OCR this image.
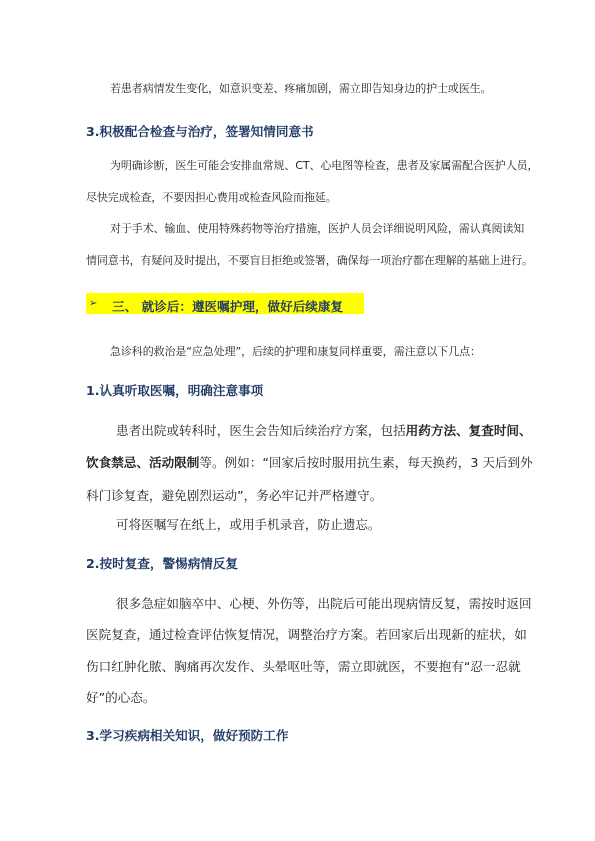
若患者病情发生变化，如意识变差、疼痛加剧，需立即告知身边的护士或医生。
3.积极配合检查与治疗，签署知情同意书
为明确诊断，医生可能会安排血常规、CT、心电图等检查，患者及家属需配合医护人员，
尽快完成检查，不要因担心费用或检查风险而拖延。
对于手术、输血、使用特殊药物等治疗措施，医护人员会详细说明风险，需认真阅读知
情同意书，有疑问及时提出，不要盲目拒绝或签署，确保每一项治疗都在理解的基础上进行。
➢ 三、 就诊后：遵医嘱护理，做好后续康复
急诊科的救治是“应急处理”，后续的护理和康复同样重要，需注意以下几点：
1.认真听取医嘱，明确注意事项
患者出院或转科时，医生会告知后续治疗方案，包括用药方法、复查时间、
饮食禁忌、活动限制等。例如：“回家后按时服用抗生素，每天换药，3 天后到外
科门诊复查，避免剧烈运动”，务必牢记并严格遵守。
可将医嘱写在纸上，或用手机录音，防止遗忘。
2.按时复查，警惕病情反复
很多急症如脑卒中、心梗、外伤等，出院后可能出现病情反复，需按时返回
医院复查，通过检查评估恢复情况，调整治疗方案。若回家后出现新的症状，如
伤口红肿化脓、胸痛再次发作、头晕呕吐等，需立即就医，不要抱有“忍一忍就
好”的心态。
3.学习疾病相关知识，做好预防工作
